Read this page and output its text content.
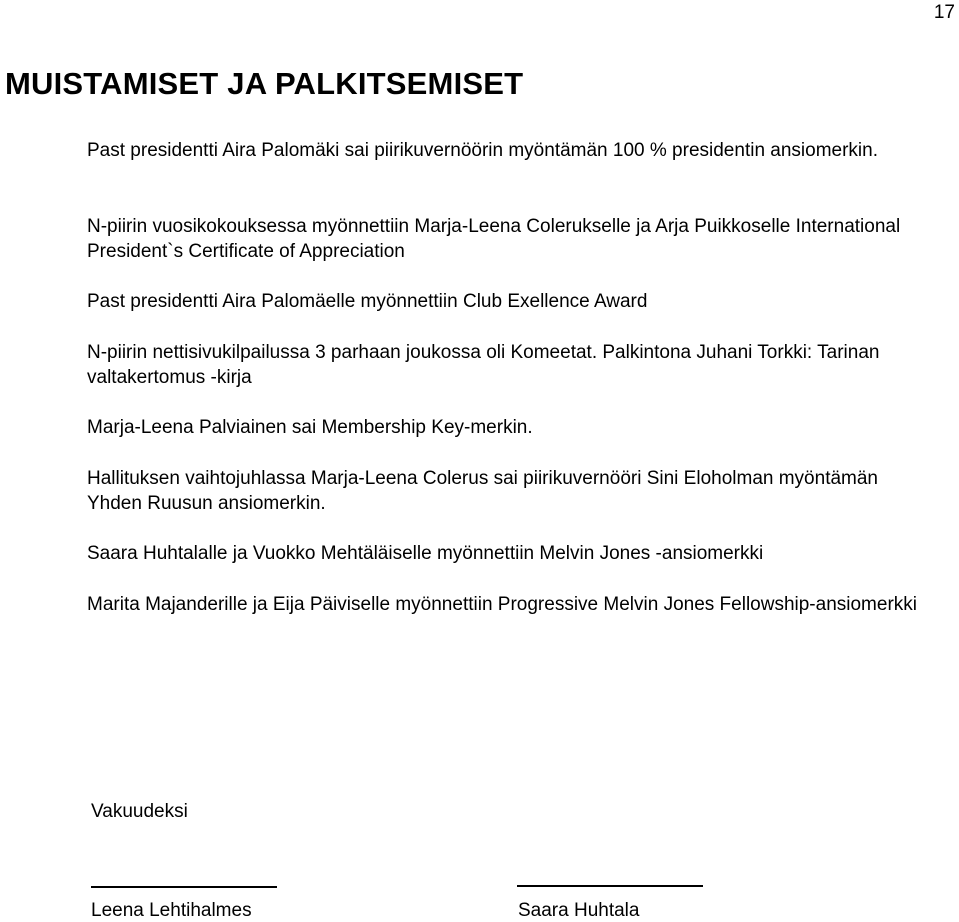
17
MUISTAMISET JA PALKITSEMISET

Past presidentti Aira Palomäki sai piirikuvernöörin myöntämän 100 % presidentin ansiomerkin.

N-piirin vuosikokouksessa myönnettiin Marja-Leena Colerukselle ja Arja Puikkoselle International President`s Certificate of Appreciation

Past presidentti Aira Palomäelle myönnettiin Club Exellence Award

N-piirin nettisivukilpailussa 3 parhaan joukossa oli Komeetat. Palkintona Juhani Torkki: Tarinan valtakertomus -kirja

Marja-Leena Palviainen sai Membership Key-merkin.

Hallituksen vaihtojuhlassa Marja-Leena Colerus sai piirikuvernööri Sini Eloholman myöntämän Yhden Ruusun ansiomerkin.

Saara Huhtalalle ja Vuokko Mehtäläiselle myönnettiin Melvin Jones -ansiomerkki

Marita Majanderille ja Eija Päiviselle myönnettiin Progressive Melvin Jones Fellowship-ansiomerkki

Vakuudeksi

Leena Lehtihalmes	Saara Huhtala
